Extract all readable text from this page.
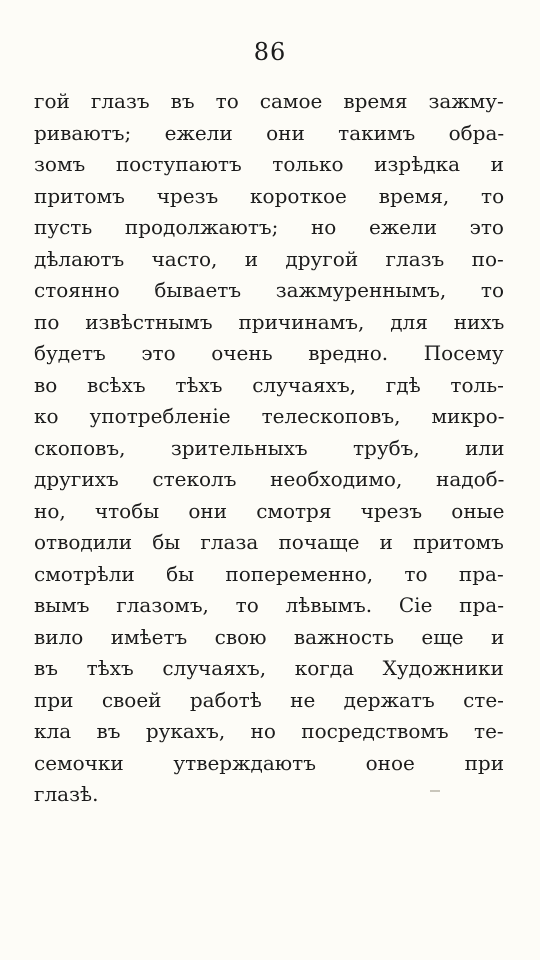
86
гой глазъ въ то самое время зажму-
риваютъ; ежели они такимъ обра-
зомъ поступаютъ только изрѣдка и
притомъ чрезъ короткое время, то
пусть продолжаютъ; но ежели это
дѣлаютъ часто, и другой глазъ по-
стоянно бываетъ зажмуреннымъ, то
по извѣстнымъ причинамъ, для нихъ
будетъ это очень вредно. Посему
во всѣхъ тѣхъ случаяхъ, гдѣ толь-
ко употребленіе телескоповъ, микро-
скоповъ, зрительныхъ трубъ, или
другихъ стеколъ необходимо, надоб-
но, чтобы они смотря чрезъ оные
отводили бы глаза почаще и притомъ
смотрѣли бы попеременно, то пра-
вымъ глазомъ, то лѣвымъ. Сіе пра-
вило имѣетъ свою важность еще и
въ тѣхъ случаяхъ, когда Художники
при своей работѣ не держатъ сте-
кла въ рукахъ, но посредствомъ те-
семочки утверждаютъ оное при
глазѣ.
